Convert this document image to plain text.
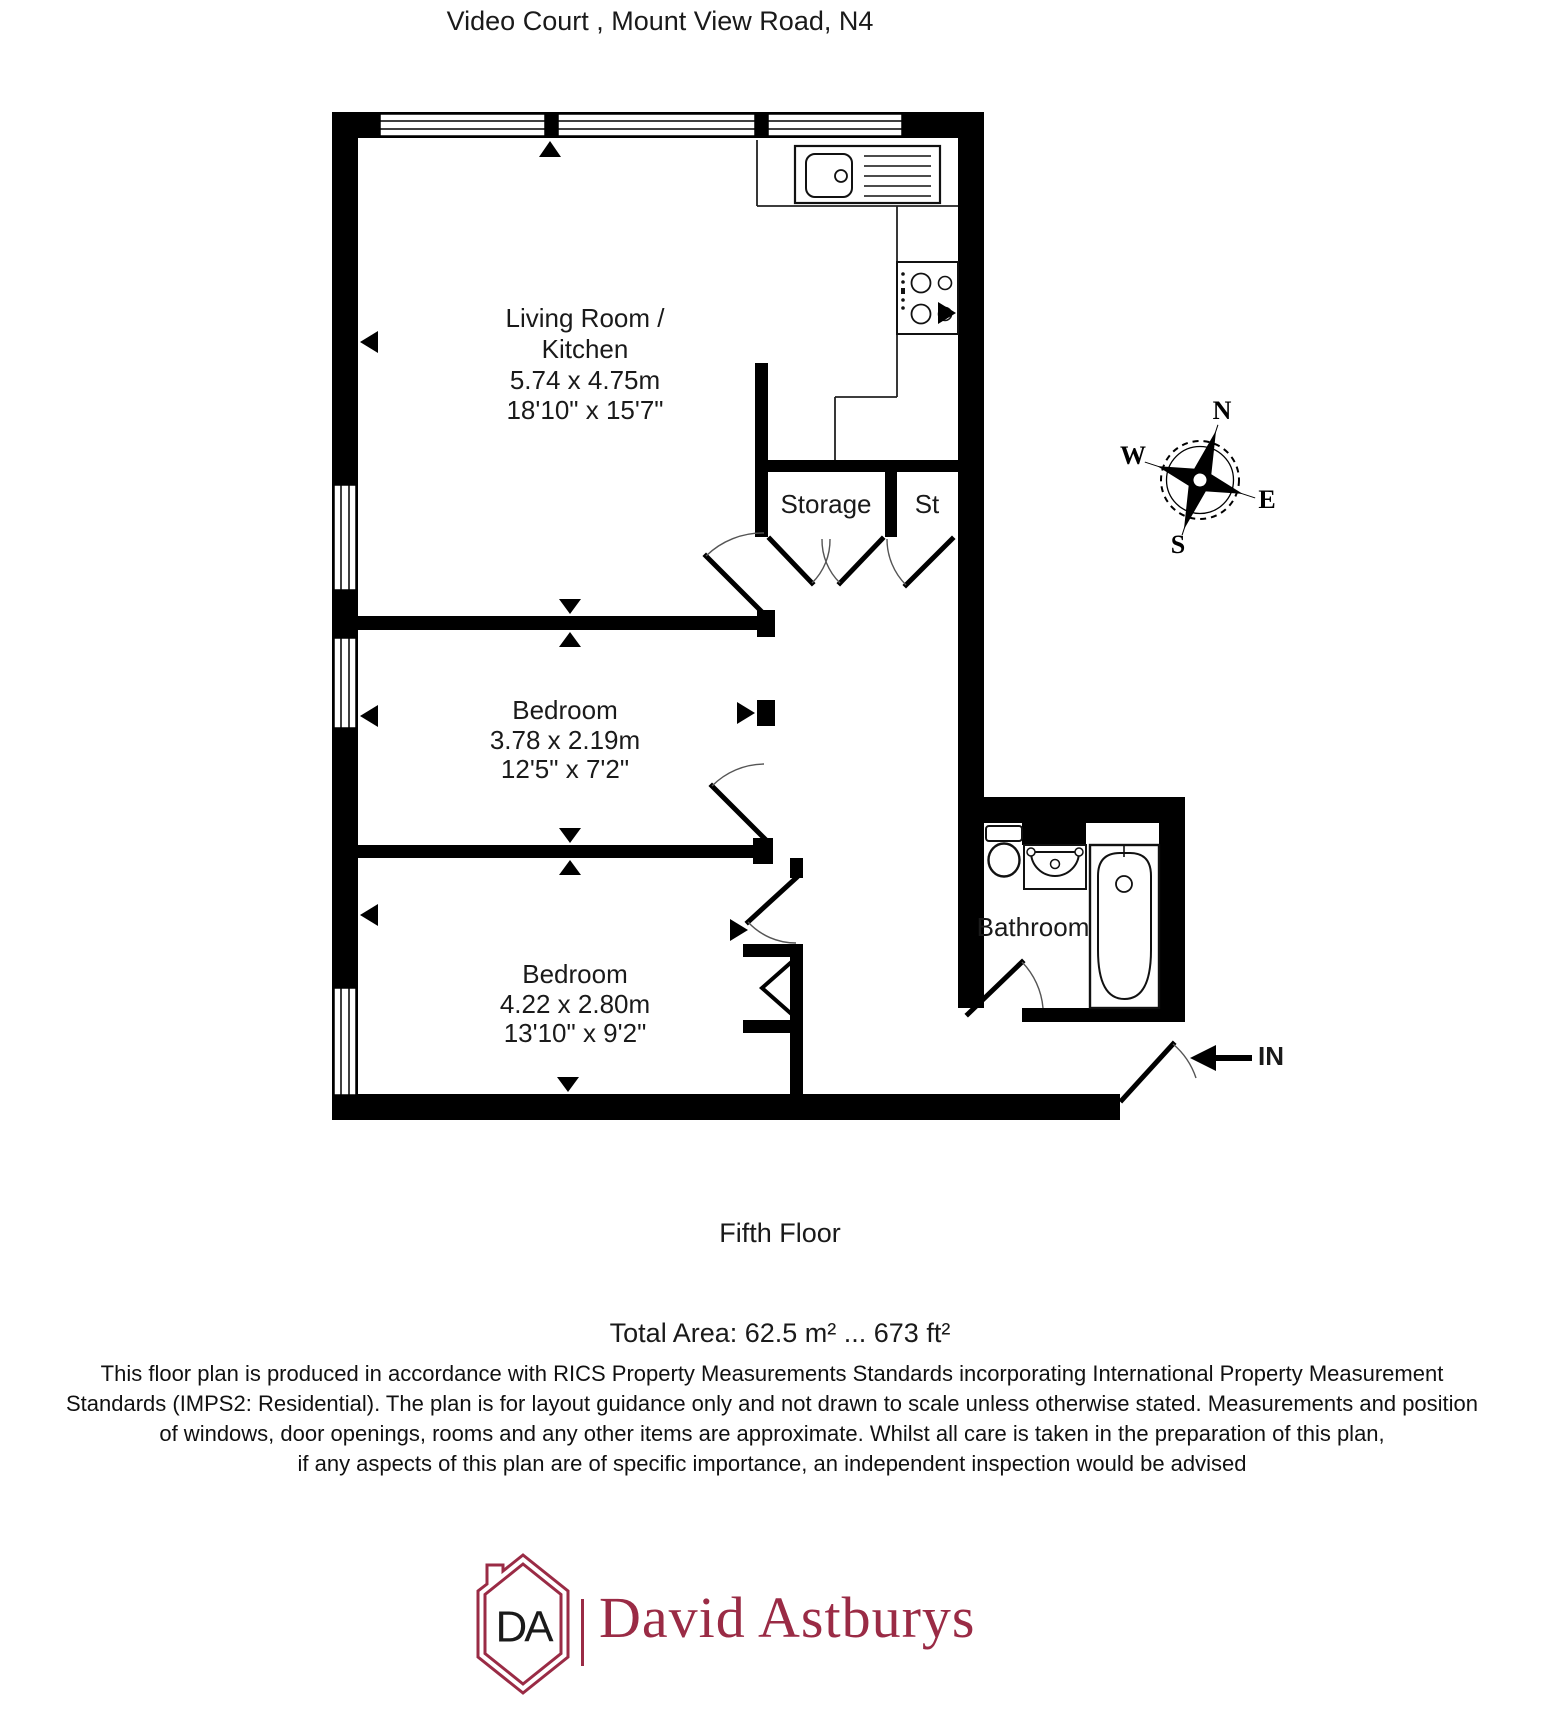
Video Court , Mount View Road, N4
Living Room /
Kitchen
5.74 x 4.75m
18'10" x 15'7"
Storage St
Bedroom
3.78 x 2.19m
12'5" x 7'2"
Bedroom
4.22 x 2.80m
13'10" x 9'2"
Bathroom
IN
N
E
S
W
Fifth Floor
Total Area: 62.5 m² ... 673 ft²
This floor plan is produced in accordance with RICS Property Measurements Standards incorporating International Property Measurement
Standards (IMPS2: Residential). The plan is for layout guidance only and not drawn to scale unless otherwise stated. Measurements and position
of windows, door openings, rooms and any other items are approximate. Whilst all care is taken in the preparation of this plan,
if any aspects of this plan are of specific importance, an independent inspection would be advised
DA David Astburys
